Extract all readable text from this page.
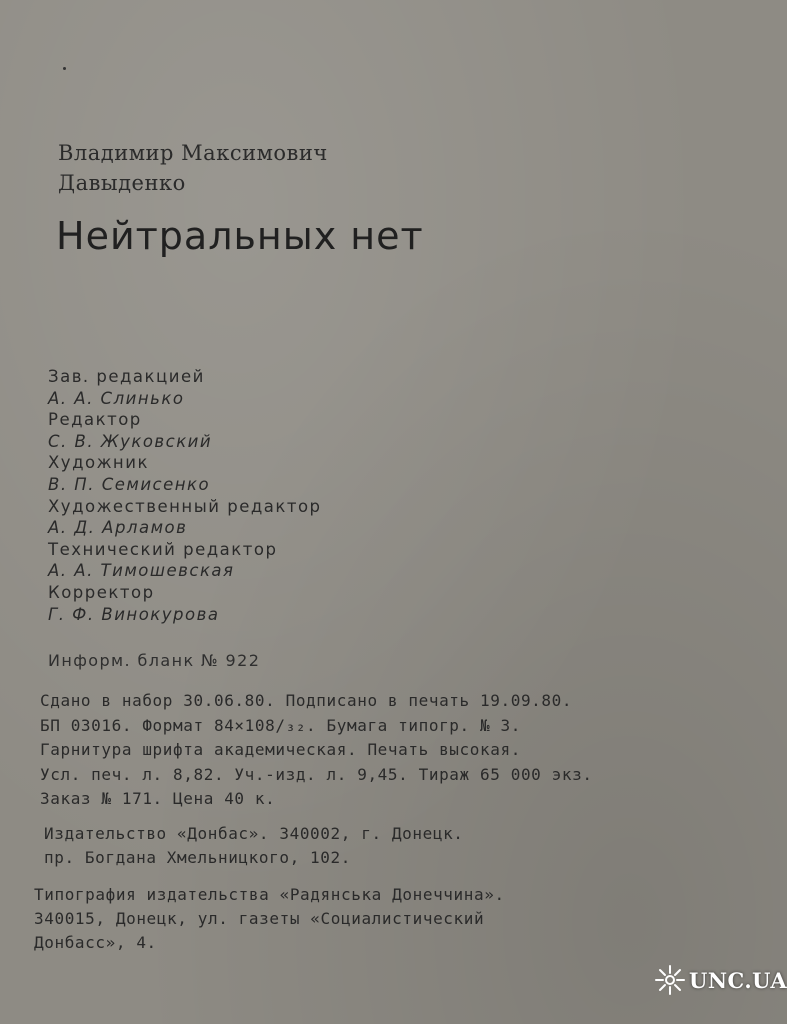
Владимир Максимович
Давыденко
Нейтральных нет
Зав. редакцией
А. А. Слинько
Редактор
С. В. Жуковский
Художник
В. П. Семисенко
Художественный редактор
А. Д. Арламов
Технический редактор
А. А. Тимошевская
Корректор
Г. Ф. Винокурова
Информ. бланк № 922
Сдано в набор 30.06.80. Подписано в печать 19.09.80.
БП 03016. Формат 84×108/₃₂. Бумага типогр. № 3.
Гарнитура шрифта академическая. Печать высокая.
Усл. печ. л. 8,82. Уч.-изд. л. 9,45. Тираж 65 000 экз.
Заказ № 171. Цена 40 к.
Издательство «Донбас». 340002, г. Донецк.
пр. Богдана Хмельницкого, 102.
Типография издательства «Радянська Донеччина».
340015, Донецк, ул. газеты «Социалистический
Донбасс», 4.
UNC.UA
